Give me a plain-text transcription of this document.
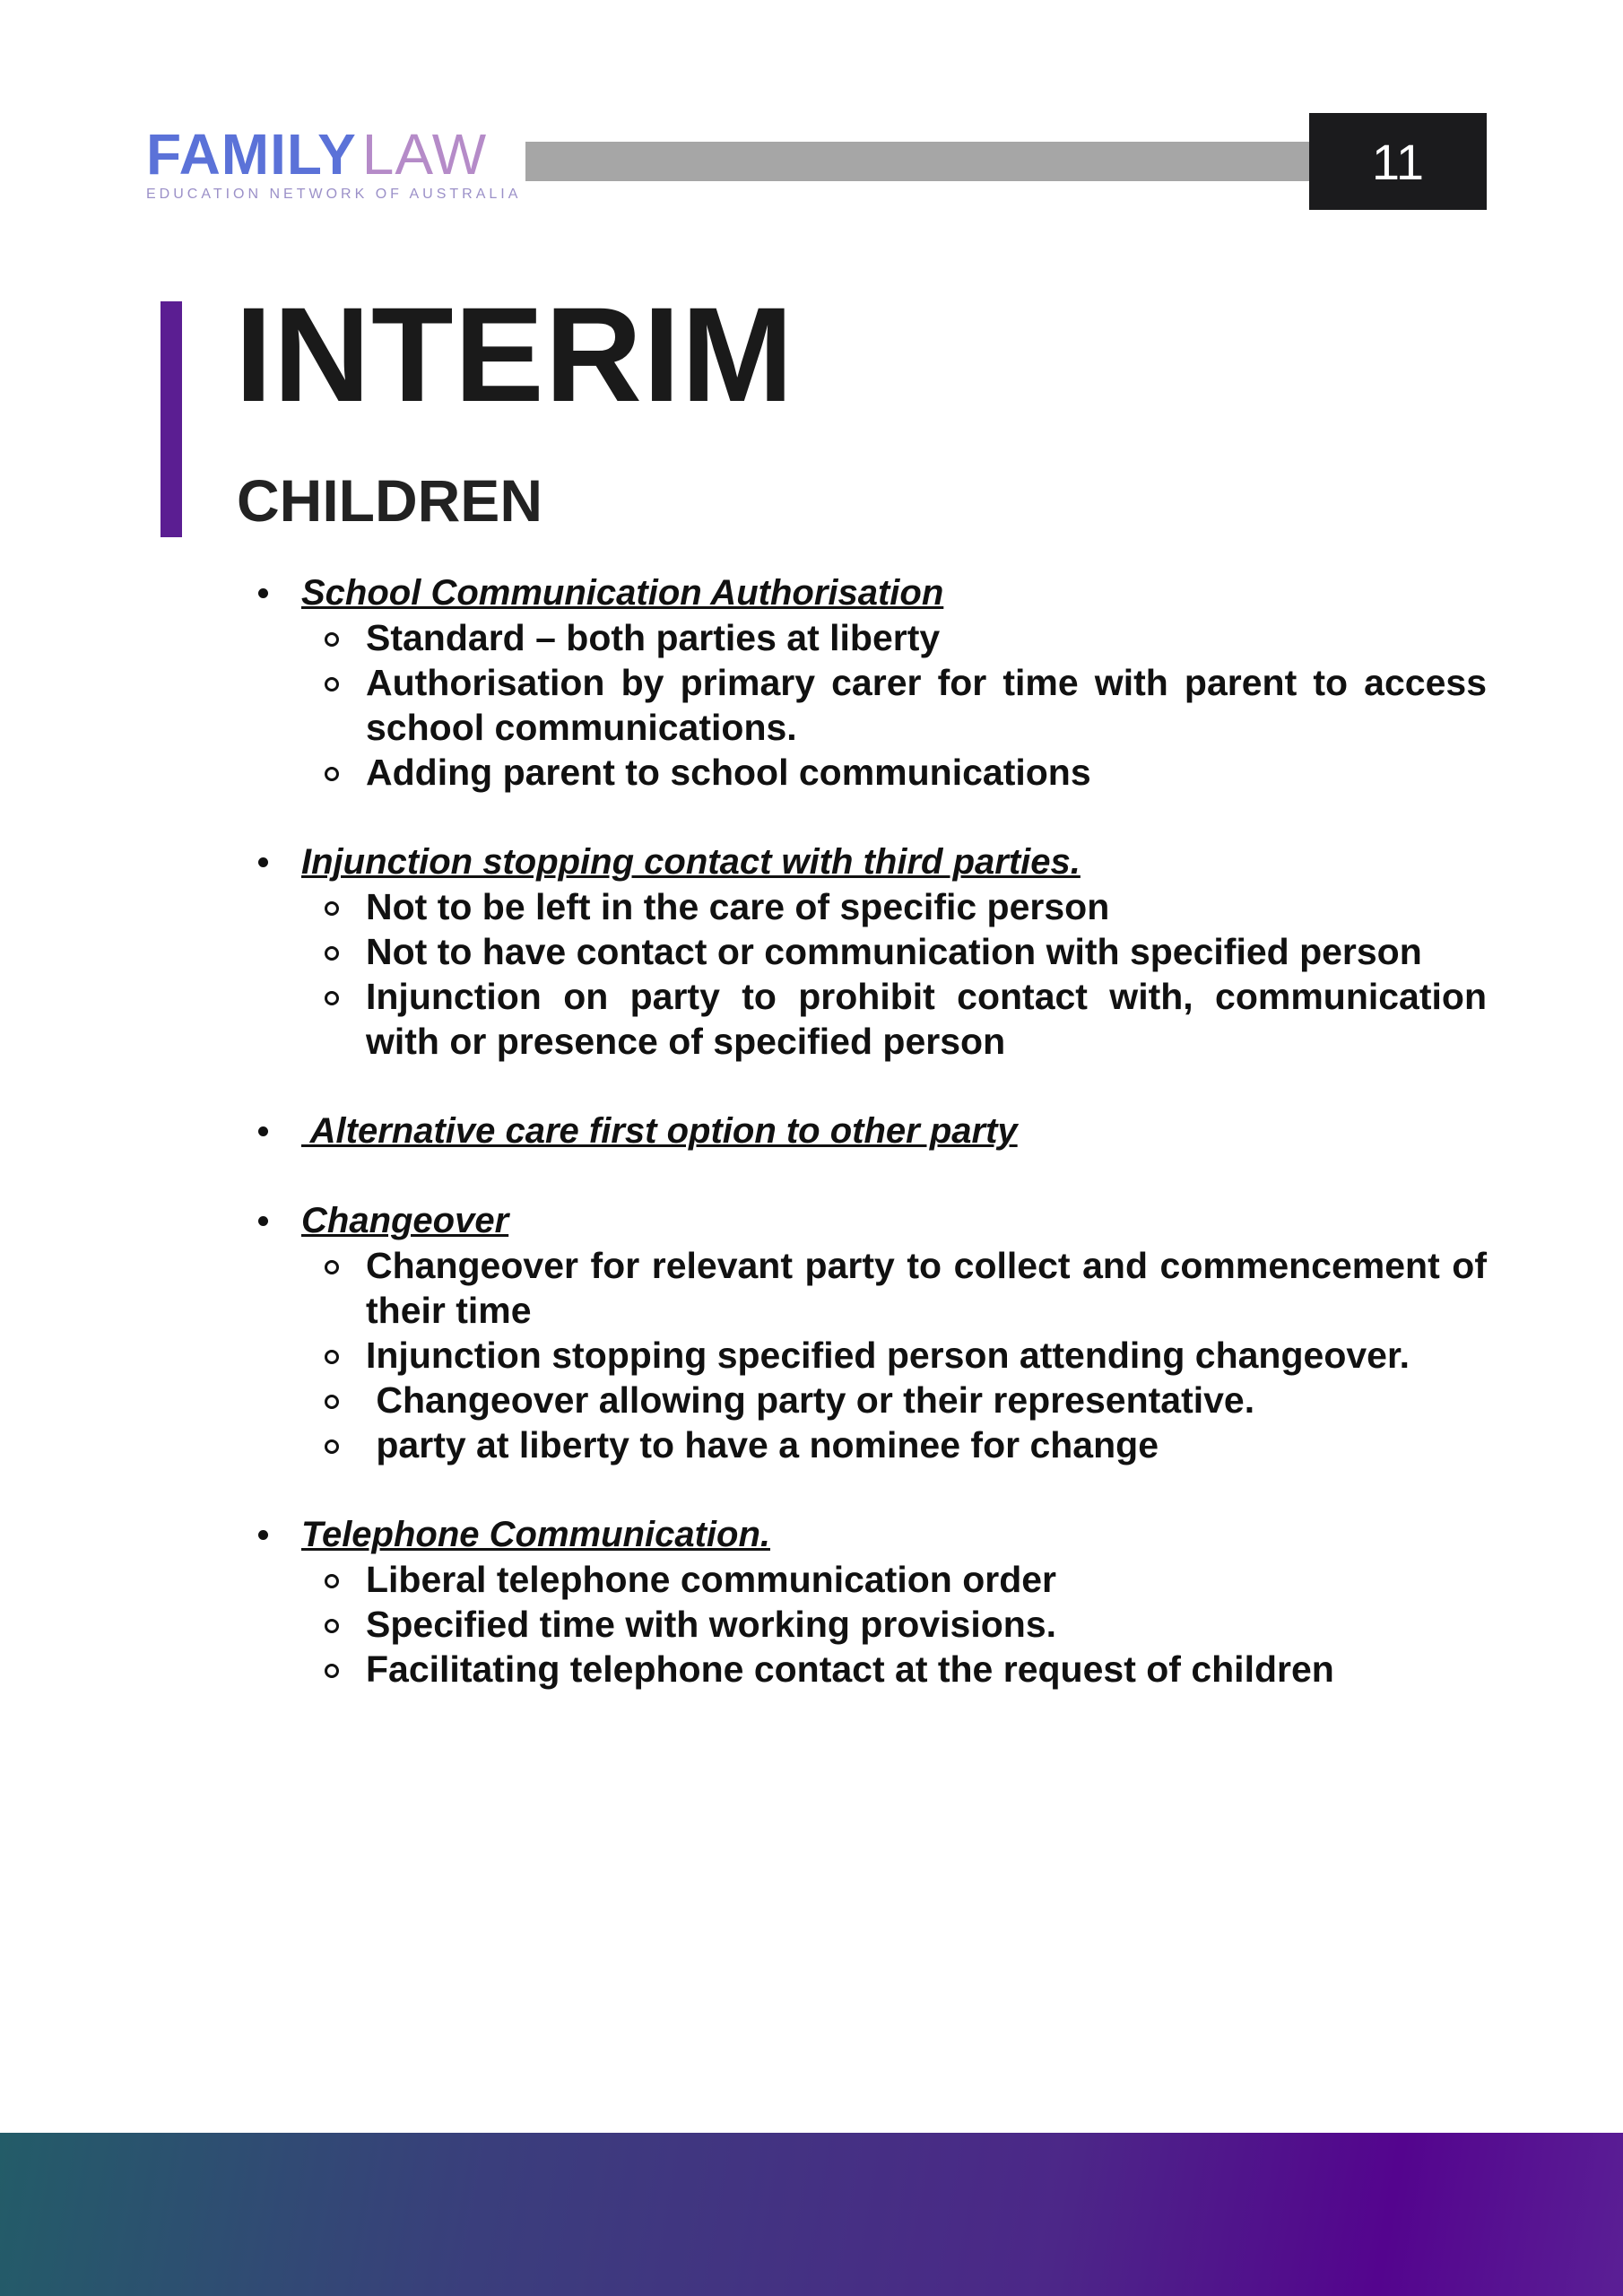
FAMILYLAW
EDUCATION NETWORK OF AUSTRALIA
11
INTERIM
CHILDREN
School Communication Authorisation
Standard – both parties at liberty
Authorisation by primary carer for time with parent to access school communications.
Adding parent to school communications
Injunction stopping contact with third parties.
Not to be left in the care of specific person
Not to have contact or communication with specified person
Injunction on party to prohibit contact with, communication with or presence of specified person
Alternative care first option to other party
Changeover
Changeover for relevant party to collect and commencement of their time
Injunction stopping specified person attending changeover.
Changeover allowing party or their representative.
party at liberty to have a nominee for change
Telephone Communication.
Liberal telephone communication order
Specified time with working provisions.
Facilitating telephone contact at the request of children
